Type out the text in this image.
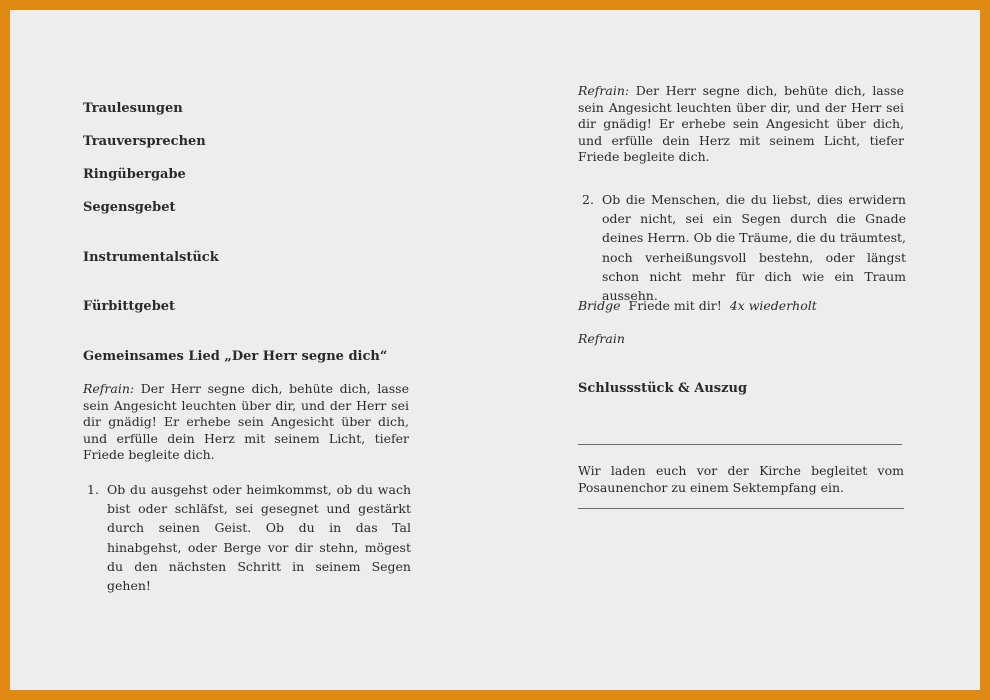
Traulesungen
Trauversprechen
Ringübergabe
Segensgebet
Instrumentalstück
Fürbittgebet
Gemeinsames Lied „Der Herr segne dich“
Refrain: Der Herr segne dich, behüte dich, lasse sein Angesicht leuchten über dir, und der Herr sei dir gnädig! Er erhebe sein Angesicht über dich, und erfülle dein Herz mit seinem Licht, tiefer Friede begleite dich.
1. Ob du ausgehst oder heimkommst, ob du wach bist oder schläfst, sei gesegnet und gestärkt durch seinen Geist. Ob du in das Tal hinabgehst, oder Berge vor dir stehn, mögest du den nächsten Schritt in seinem Segen gehen!
Refrain: Der Herr segne dich, behüte dich, lasse sein Angesicht leuchten über dir, und der Herr sei dir gnädig! Er erhebe sein Angesicht über dich, und erfülle dein Herz mit seinem Licht, tiefer Friede begleite dich.
2. Ob die Menschen, die du liebst, dies erwidern oder nicht, sei ein Segen durch die Gnade deines Herrn. Ob die Träume, die du träumtest, noch verheißungsvoll bestehn, oder längst schon nicht mehr für dich wie ein Traum aussehn.
Bridge Friede mit dir! 4x wiederholt
Refrain
Schlussstück & Auszug
Wir laden euch vor der Kirche begleitet vom Posaunenchor zu einem Sektempfang ein.
